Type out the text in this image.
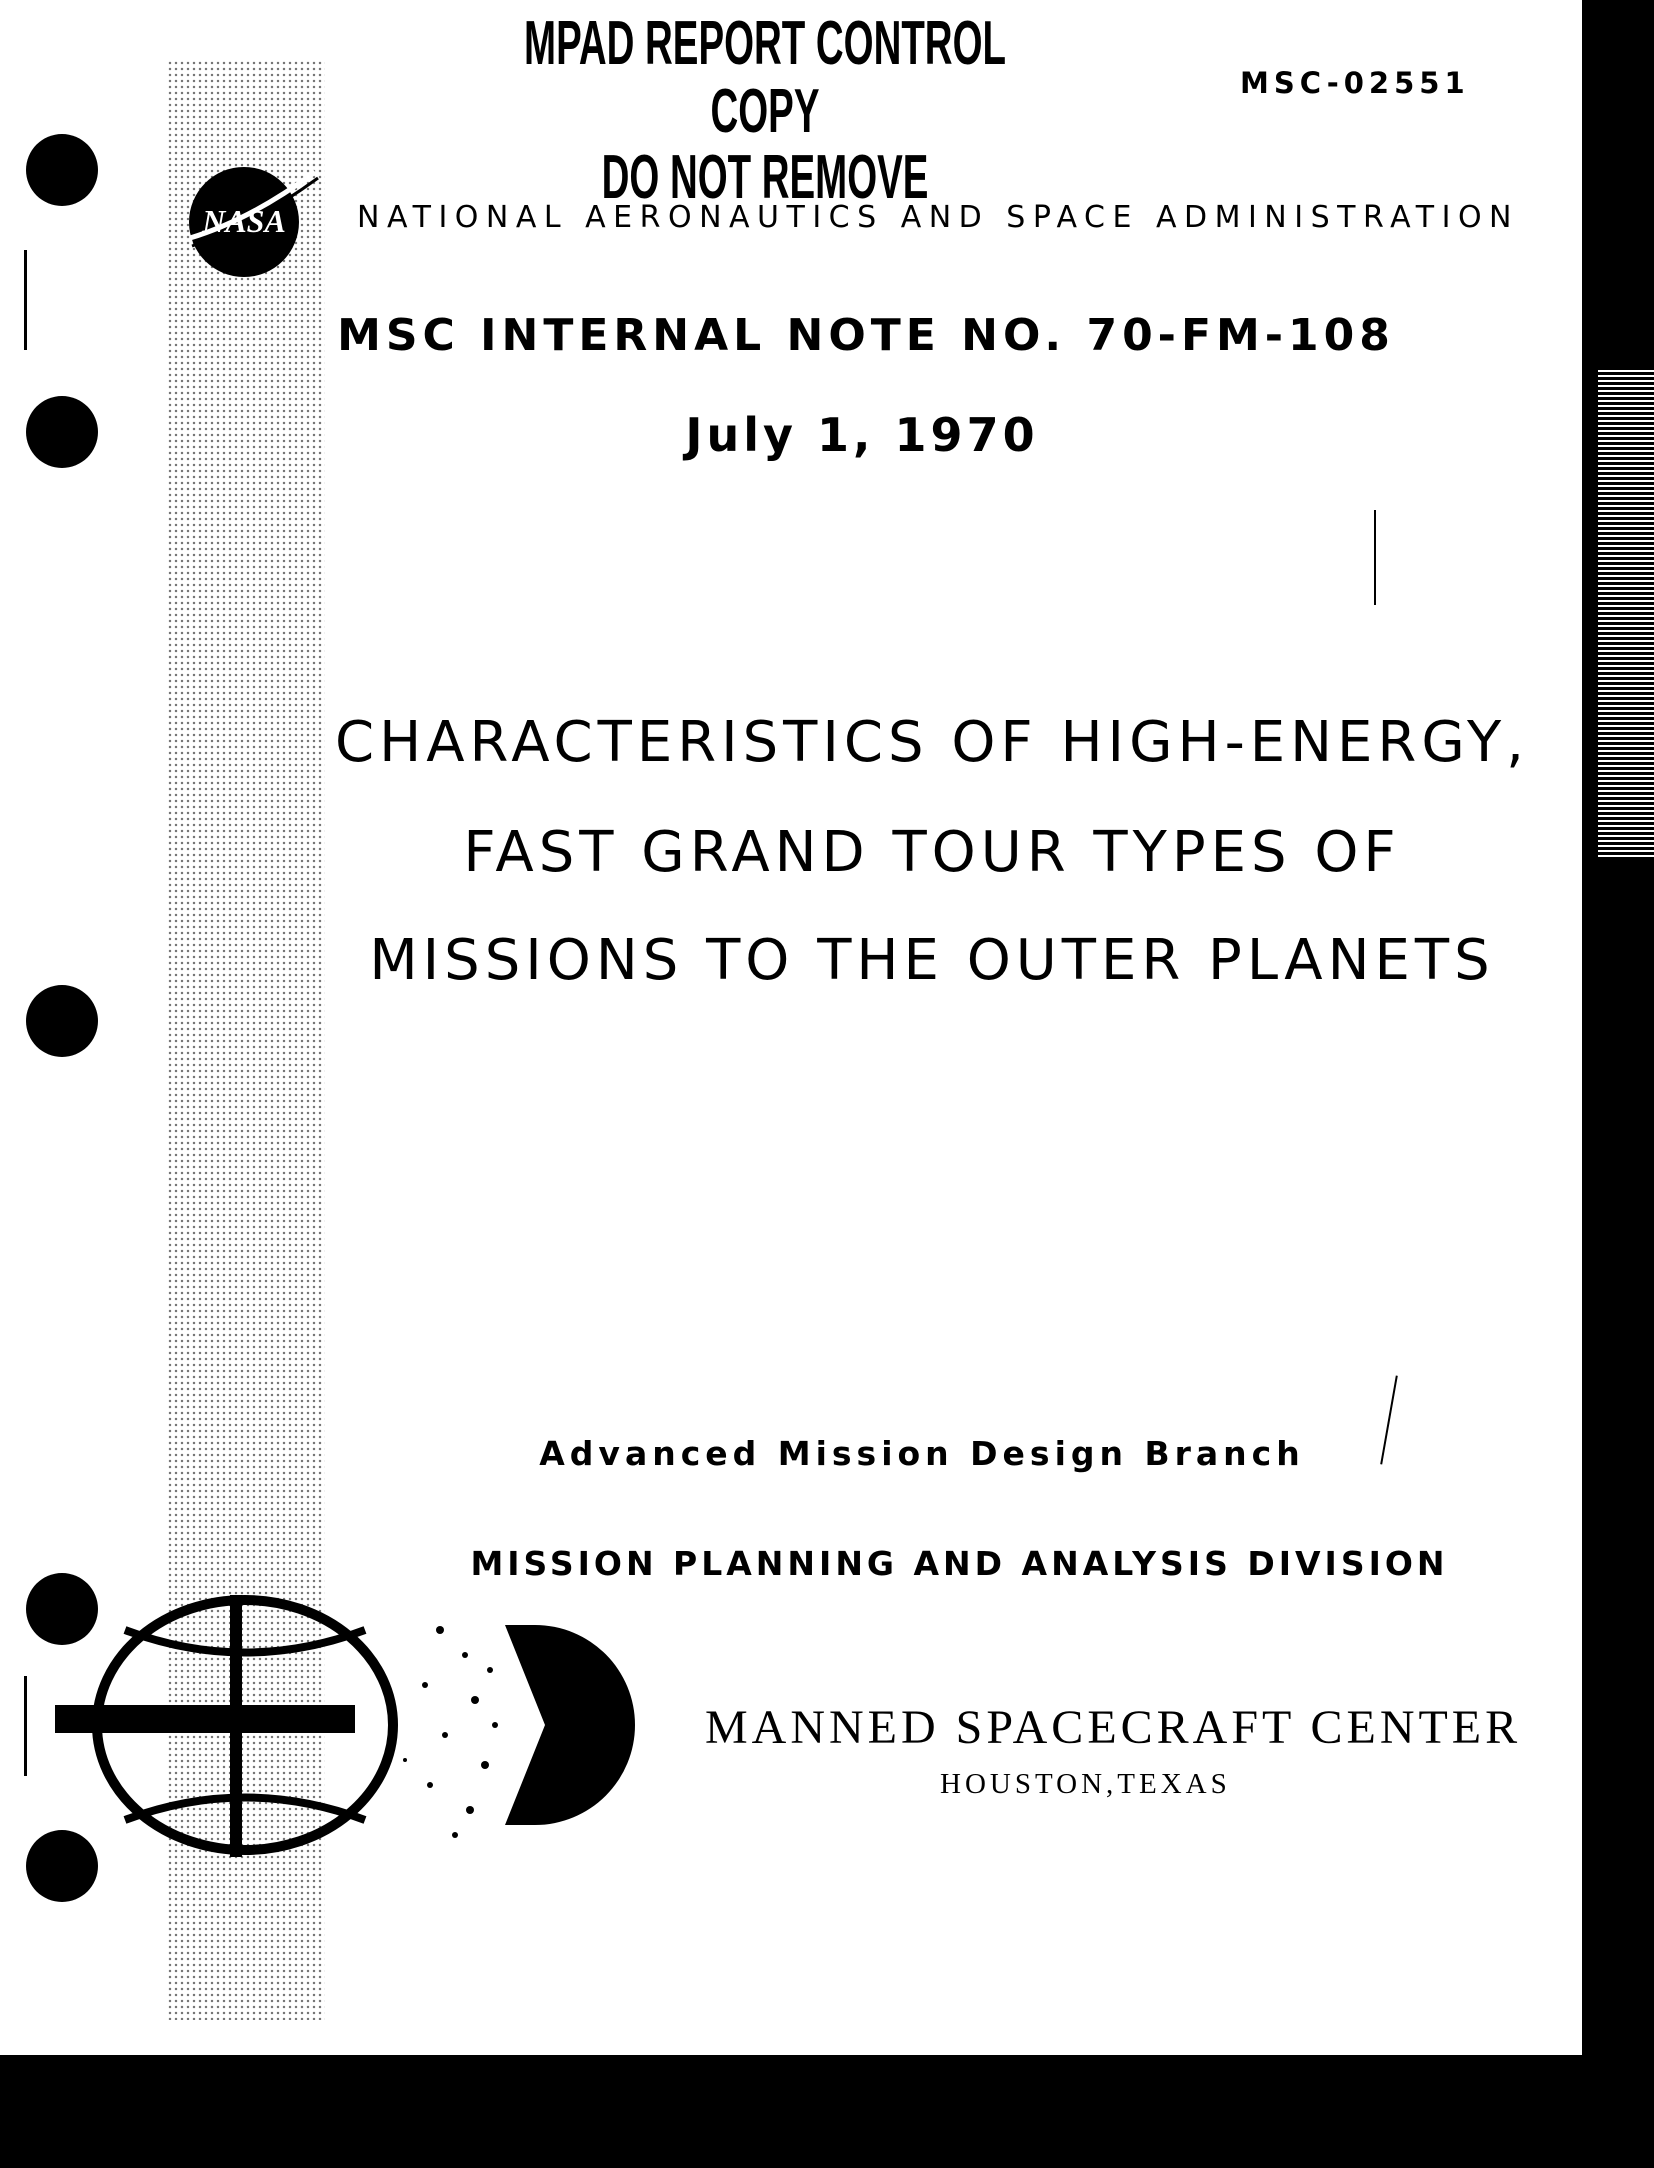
MPAD REPORT CONTROL
COPY
DO NOT REMOVE
MSC-02551
NASA NATIONAL AERONAUTICS AND SPACE ADMINISTRATION
MSC INTERNAL NOTE NO. 70-FM-108
July 1, 1970
CHARACTERISTICS OF HIGH-ENERGY,
FAST GRAND TOUR TYPES OF
MISSIONS TO THE OUTER PLANETS
Advanced Mission Design Branch
MISSION PLANNING AND ANALYSIS DIVISION
MANNED SPACECRAFT CENTER
HOUSTON,TEXAS
